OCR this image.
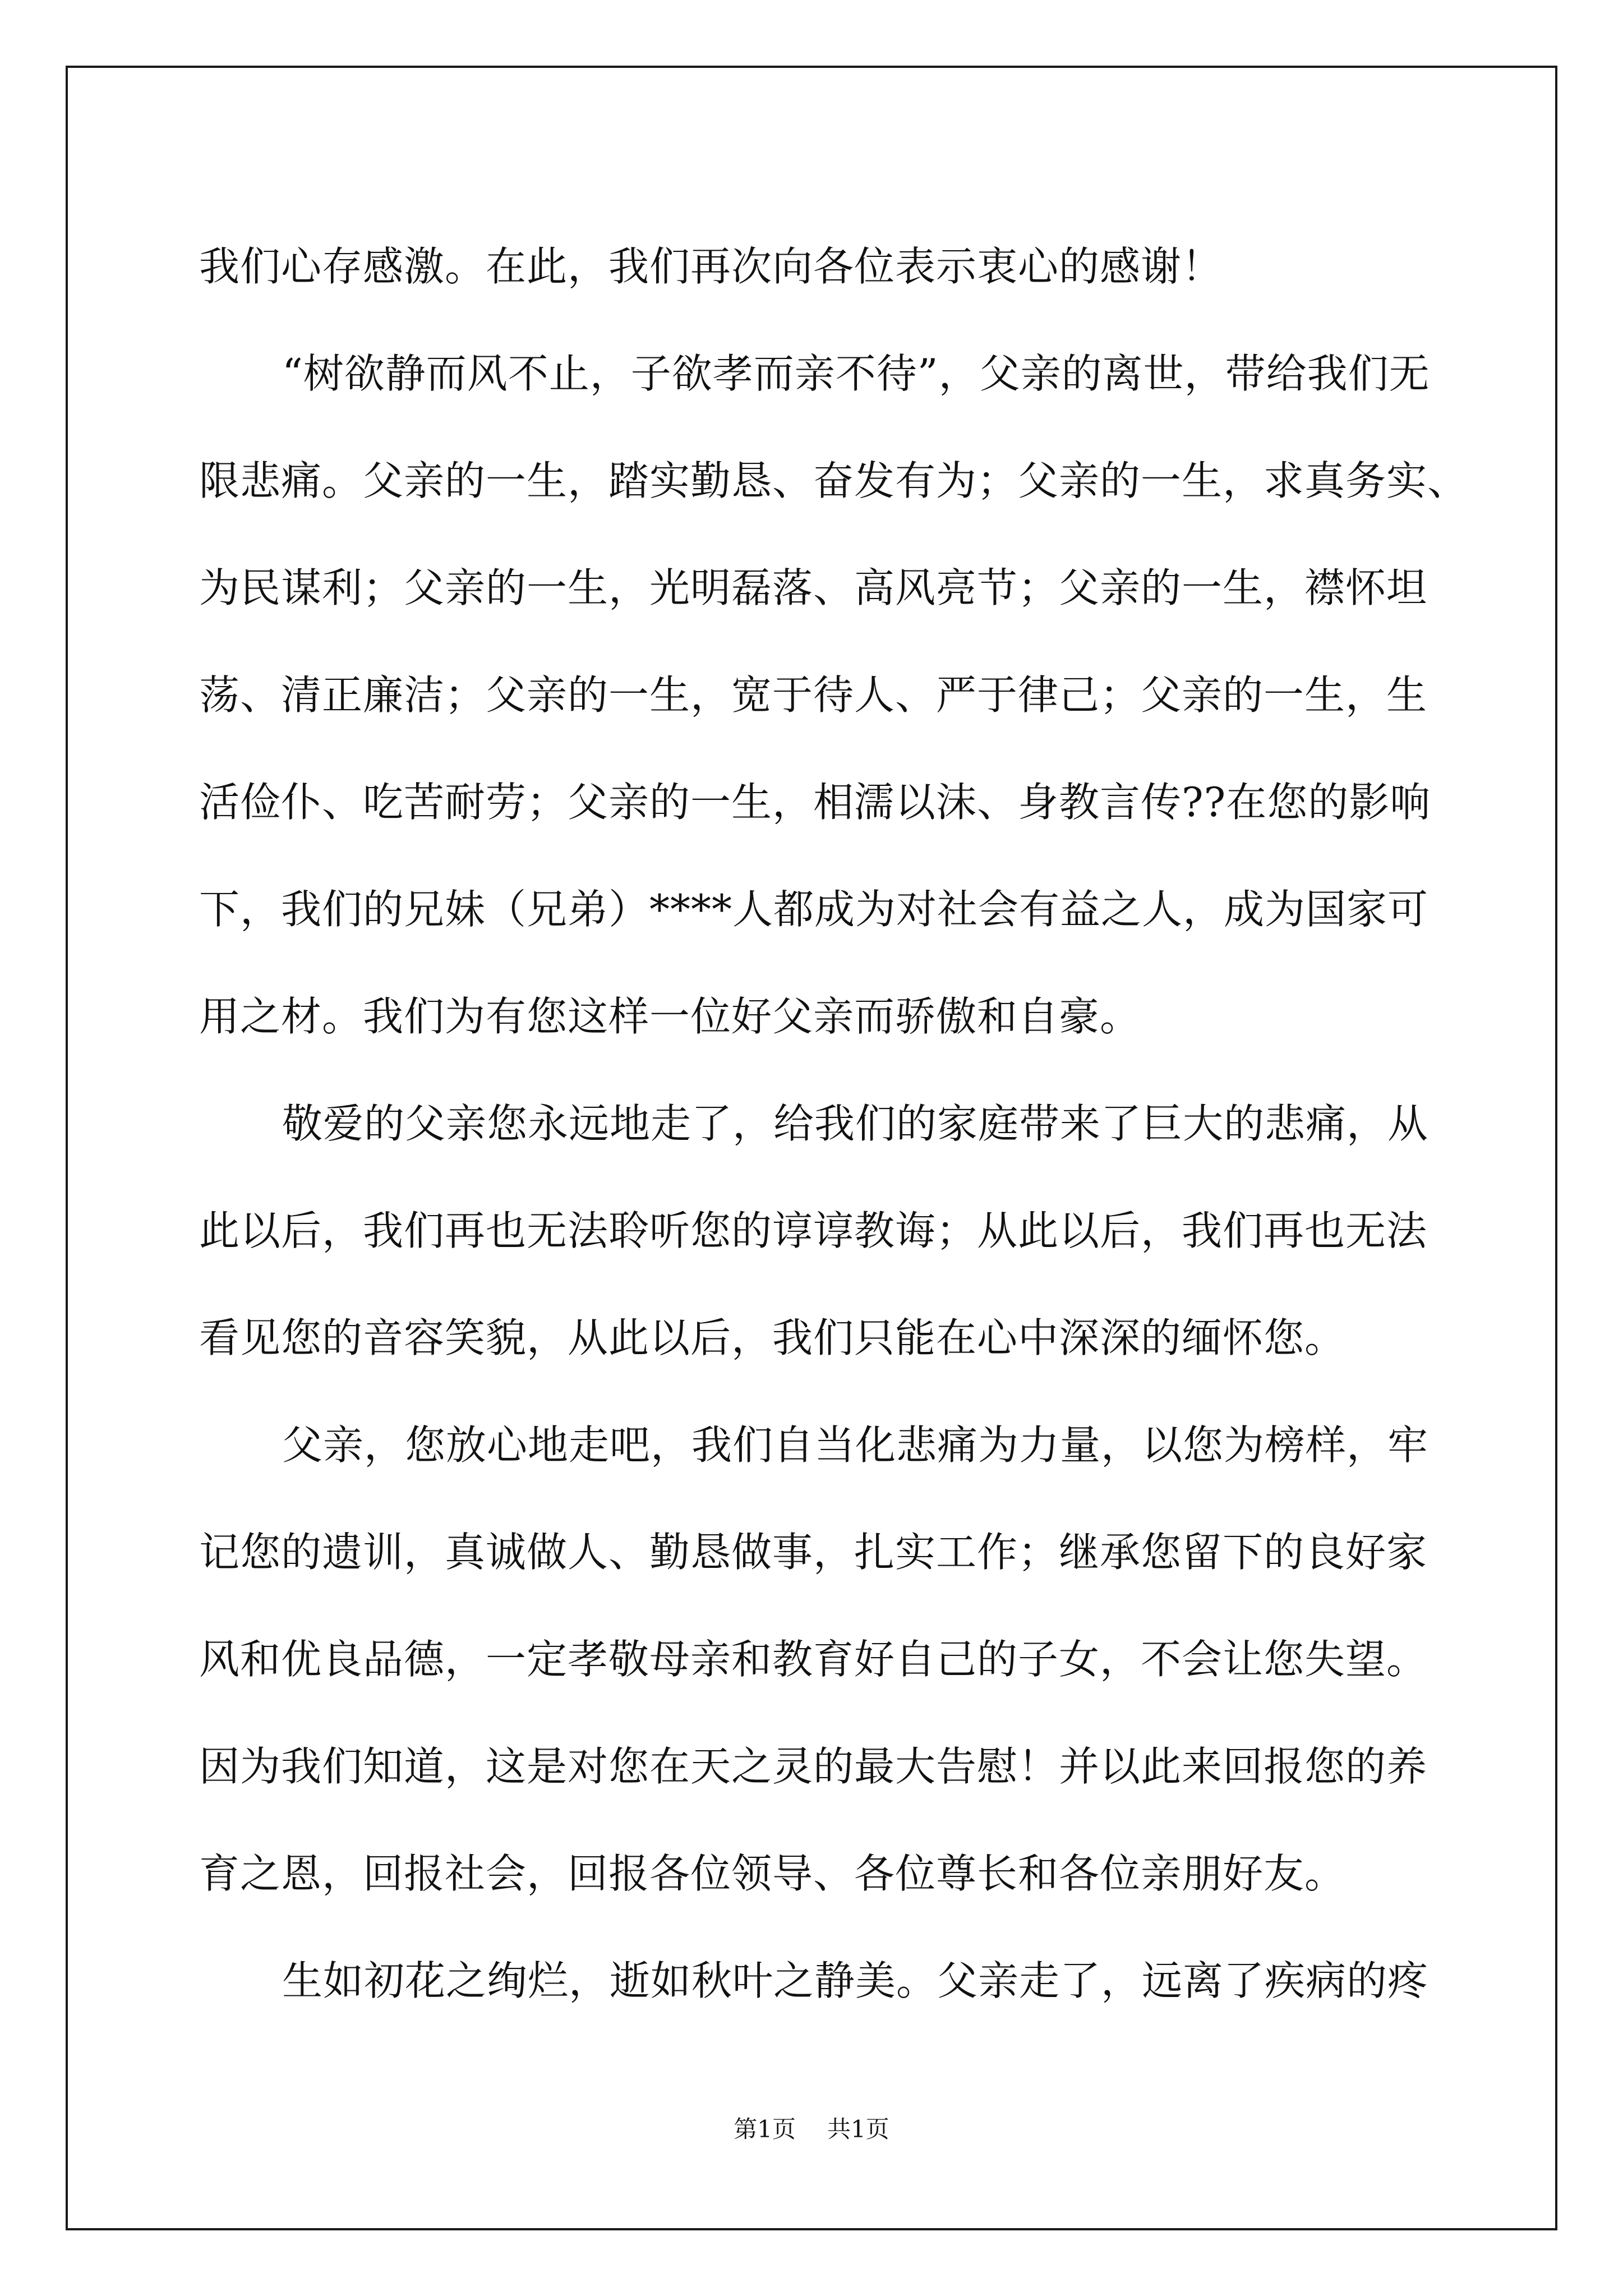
我们心存感激。在此，我们再次向各位表示衷心的感谢！
“树欲静而风不止，子欲孝而亲不待”，父亲的离世，带给我们无
限悲痛。父亲的一生，踏实勤恳、奋发有为；父亲的一生，求真务实、
为民谋利；父亲的一生，光明磊落、高风亮节；父亲的一生，襟怀坦
荡、清正廉洁；父亲的一生，宽于待人、严于律己；父亲的一生，生
活俭仆、吃苦耐劳；父亲的一生，相濡以沫、身教言传??在您的影响
下，我们的兄妹（兄弟）****人都成为对社会有益之人，成为国家可
用之材。我们为有您这样一位好父亲而骄傲和自豪。
敬爱的父亲您永远地走了，给我们的家庭带来了巨大的悲痛，从
此以后，我们再也无法聆听您的谆谆教诲；从此以后，我们再也无法
看见您的音容笑貌，从此以后，我们只能在心中深深的缅怀您。
父亲，您放心地走吧，我们自当化悲痛为力量，以您为榜样，牢
记您的遗训，真诚做人、勤恳做事，扎实工作；继承您留下的良好家
风和优良品德，一定孝敬母亲和教育好自己的子女，不会让您失望。
因为我们知道，这是对您在天之灵的最大告慰！并以此来回报您的养
育之恩，回报社会，回报各位领导、各位尊长和各位亲朋好友。
生如初花之绚烂，逝如秋叶之静美。父亲走了，远离了疾病的疼
第1页 共1页
